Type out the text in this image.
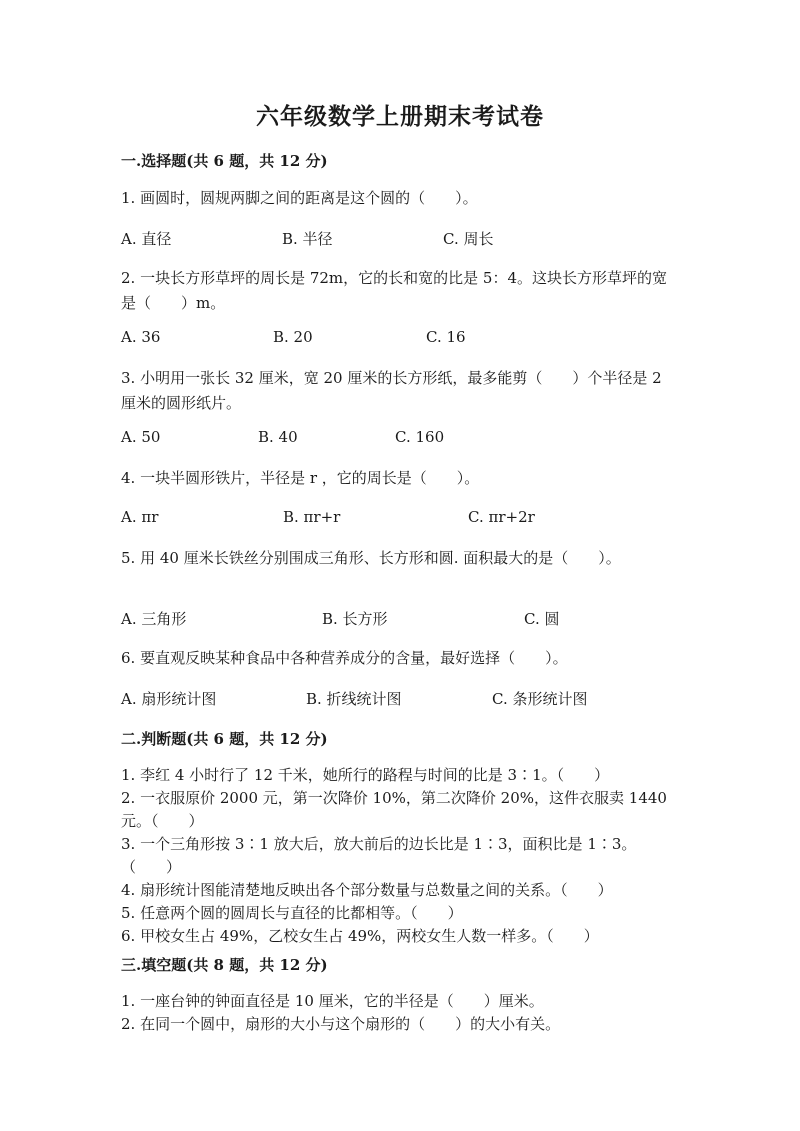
六年级数学上册期末考试卷
一.选择题(共 6 题，共 12 分)
1. 画圆时，圆规两脚之间的距离是这个圆的（　　）。
A. 直径	B. 半径	C. 周长
2. 一块长方形草坪的周长是 72m，它的长和宽的比是 5：4。这块长方形草坪的宽是（　　）m。
A. 36	B. 20	C. 16
3. 小明用一张长 32 厘米，宽 20 厘米的长方形纸，最多能剪（　　）个半径是 2 厘米的圆形纸片。
A. 50	B. 40	C. 160
4. 一块半圆形铁片，半径是 r ，它的周长是（　　）。
A. πr	B. πr+r	C. πr+2r
5. 用 40 厘米长铁丝分别围成三角形、长方形和圆. 面积最大的是（　　）。
A. 三角形	B. 长方形	C. 圆
6. 要直观反映某种食品中各种营养成分的含量，最好选择（　　）。
A. 扇形统计图	B. 折线统计图	C. 条形统计图
二.判断题(共 6 题，共 12 分)
1. 李红 4 小时行了 12 千米，她所行的路程与时间的比是 3∶1。（　　）
2. 一衣服原价 2000 元，第一次降价 10%，第二次降价 20%，这件衣服卖 1440 元。（　　）
3. 一个三角形按 3∶1 放大后，放大前后的边长比是 1∶3，面积比是 1∶3。（　　）
4. 扇形统计图能清楚地反映出各个部分数量与总数量之间的关系。（　　）
5. 任意两个圆的圆周长与直径的比都相等。（　　）
6. 甲校女生占 49%，乙校女生占 49%，两校女生人数一样多。（　　）
三.填空题(共 8 题，共 12 分)
1. 一座台钟的钟面直径是 10 厘米，它的半径是（　　）厘米。
2. 在同一个圆中，扇形的大小与这个扇形的（　　）的大小有关。
